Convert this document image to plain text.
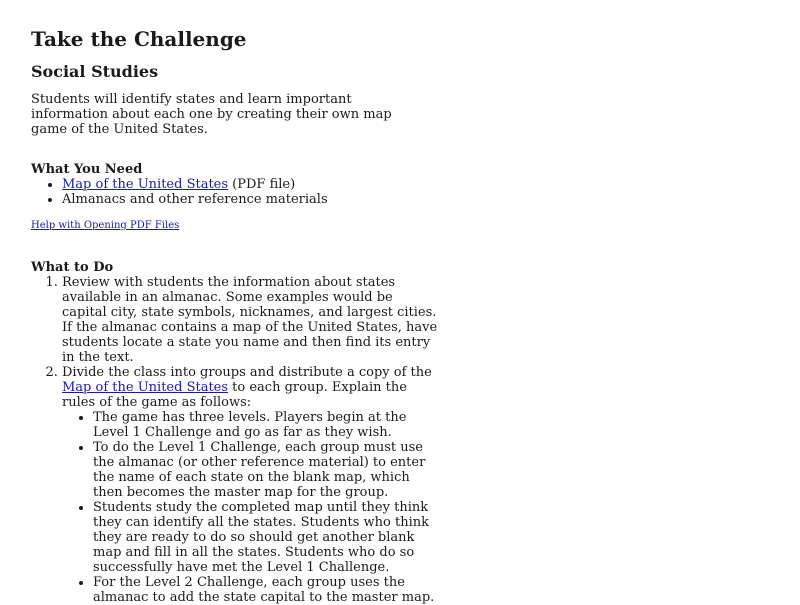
Take the Challenge
Social Studies

Students will identify states and learn important information about each one by creating their own map game of the United States.

What You Need
• Map of the United States (PDF file)
• Almanacs and other reference materials
Help with Opening PDF Files
What to Do
1. Review with students the information about states available in an almanac. Some examples would be capital city, state symbols, nicknames, and largest cities. If the almanac contains a map of the United States, have students locate a state you name and then find its entry in the text.
2. Divide the class into groups and distribute a copy of the Map of the United States to each group. Explain the rules of the game as follows:
• The game has three levels. Players begin at the Level 1 Challenge and go as far as they wish.
• To do the Level 1 Challenge, each group must use the almanac (or other reference material) to enter the name of each state on the blank map, which then becomes the master map for the group.
• Students study the completed map until they think they can identify all the states. Students who think they are ready to do so should get another blank map and fill in all the states. Students who do so successfully have met the Level 1 Challenge.
• For the Level 2 Challenge, each group uses the almanac to add the state capital to the master map.
